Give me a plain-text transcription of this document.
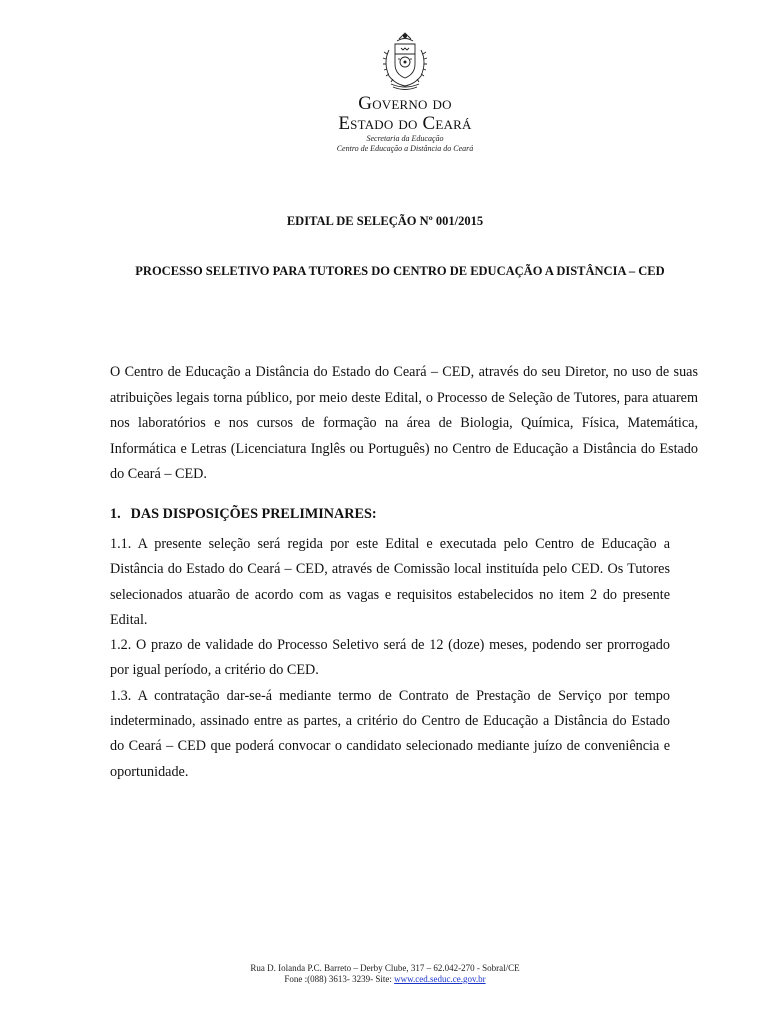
Governo do
Estado do Ceará
Secretaria da Educação
Centro de Educação a Distância do Ceará
EDITAL DE SELEÇÃO Nº 001/2015
PROCESSO SELETIVO PARA TUTORES DO CENTRO DE EDUCAÇÃO A DISTÂNCIA – CED
O Centro de Educação a Distância do Estado do Ceará – CED, através do seu Diretor, no uso de suas atribuições legais torna público, por meio deste Edital, o Processo de Seleção de Tutores, para atuarem nos laboratórios e nos cursos de formação na área de Biologia, Química, Física, Matemática, Informática e Letras (Licenciatura Inglês ou Português) no Centro de Educação a Distância do Estado do Ceará – CED.
1. DAS DISPOSIÇÕES PRELIMINARES:

1.1. A presente seleção será regida por este Edital e executada pelo Centro de Educação a Distância do Estado do Ceará – CED, através de Comissão local instituída pelo CED. Os Tutores selecionados atuarão de acordo com as vagas e requisitos estabelecidos no item 2 do presente Edital.

1.2. O prazo de validade do Processo Seletivo será de 12 (doze) meses, podendo ser prorrogado por igual período, a critério do CED.

1.3. A contratação dar-se-á mediante termo de Contrato de Prestação de Serviço por tempo indeterminado, assinado entre as partes, a critério do Centro de Educação a Distância do Estado do Ceará – CED que poderá convocar o candidato selecionado mediante juízo de conveniência e oportunidade.

Rua D. Iolanda P.C. Barreto – Derby Clube, 317 – 62.042-270 - Sobral/CE
Fone :(088) 3613- 3239- Site: www.ced.seduc.ce.gov.br
